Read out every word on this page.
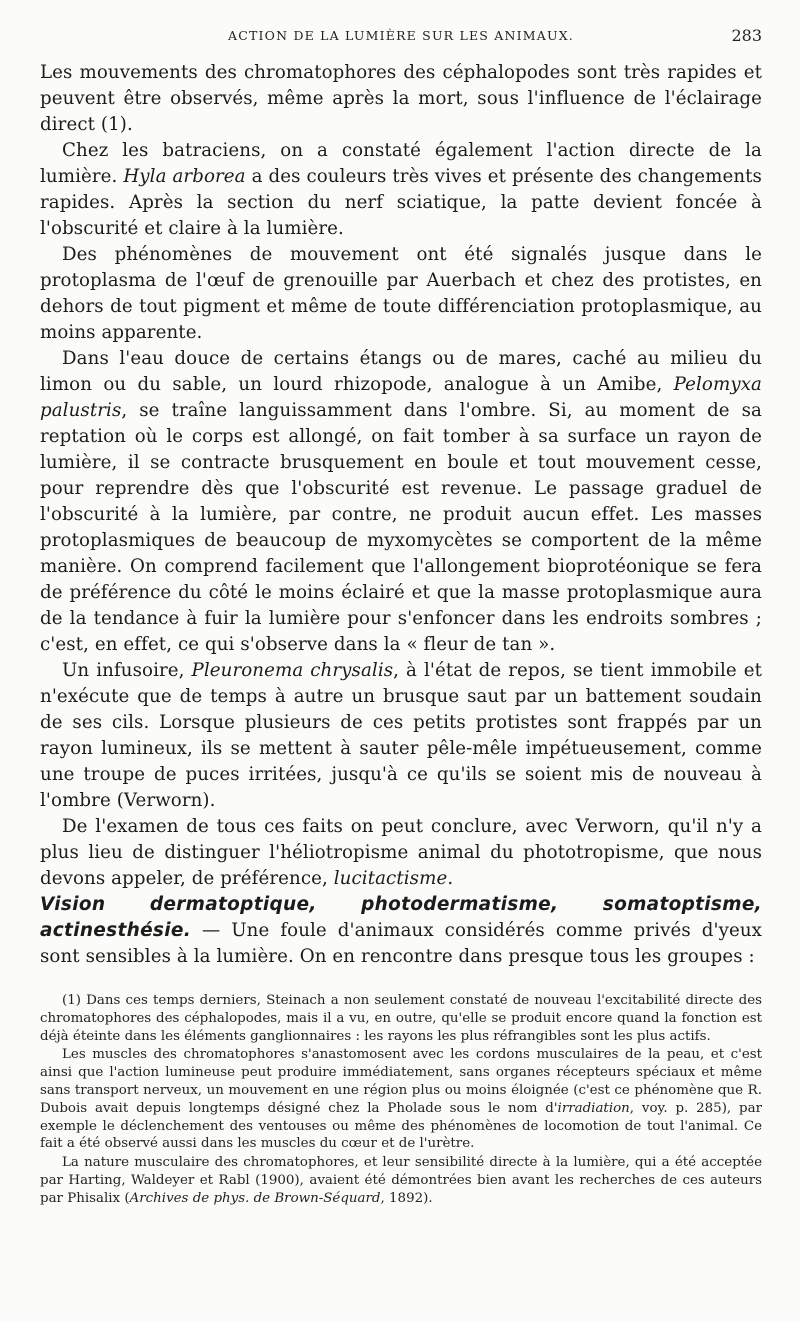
ACTION DE LA LUMIÈRE SUR LES ANIMAUX.	283

Les mouvements des chromatophores des céphalopodes sont très rapides et peuvent être observés, même après la mort, sous l'influence de l'éclairage direct (1).

Chez les batraciens, on a constaté également l'action directe de la lumière. Hyla arborea a des couleurs très vives et présente des changements rapides. Après la section du nerf sciatique, la patte devient foncée à l'obscurité et claire à la lumière.

Des phénomènes de mouvement ont été signalés jusque dans le protoplasma de l'œuf de grenouille par Auerbach et chez des protistes, en dehors de tout pigment et même de toute différenciation protoplasmique, au moins apparente.

Dans l'eau douce de certains étangs ou de mares, caché au milieu du limon ou du sable, un lourd rhizopode, analogue à un Amibe, Pelomyxa palustris, se traîne languissamment dans l'ombre. Si, au moment de sa reptation où le corps est allongé, on fait tomber à sa surface un rayon de lumière, il se contracte brusquement en boule et tout mouvement cesse, pour reprendre dès que l'obscurité est revenue. Le passage graduel de l'obscurité à la lumière, par contre, ne produit aucun effet. Les masses protoplasmiques de beaucoup de myxomycètes se comportent de la même manière. On comprend facilement que l'allongement bioprotéonique se fera de préférence du côté le moins éclairé et que la masse protoplasmique aura de la tendance à fuir la lumière pour s'enfoncer dans les endroits sombres ; c'est, en effet, ce qui s'observe dans la « fleur de tan ».

Un infusoire, Pleuronema chrysalis, à l'état de repos, se tient immobile et n'exécute que de temps à autre un brusque saut par un battement soudain de ses cils. Lorsque plusieurs de ces petits protistes sont frappés par un rayon lumineux, ils se mettent à sauter pêle-mêle impétueusement, comme une troupe de puces irritées, jusqu'à ce qu'ils se soient mis de nouveau à l'ombre (Verworn).

De l'examen de tous ces faits on peut conclure, avec Verworn, qu'il n'y a plus lieu de distinguer l'héliotropisme animal du phototropisme, que nous devons appeler, de préférence, lucitactisme.

Vision dermatoptique, photodermatisme, somatoptisme, actinesthésie. — Une foule d'animaux considérés comme privés d'yeux sont sensibles à la lumière. On en rencontre dans presque tous les groupes :

(1) Dans ces temps derniers, Steinach a non seulement constaté de nouveau l'excitabilité directe des chromatophores des céphalopodes, mais il a vu, en outre, qu'elle se produit encore quand la fonction est déjà éteinte dans les éléments ganglionnaires : les rayons les plus réfrangibles sont les plus actifs.

Les muscles des chromatophores s'anastomosent avec les cordons musculaires de la peau, et c'est ainsi que l'action lumineuse peut produire immédiatement, sans organes récepteurs spéciaux et même sans transport nerveux, un mouvement en une région plus ou moins éloignée (c'est ce phénomène que R. Dubois avait depuis longtemps désigné chez la Pholade sous le nom d'irradiation, voy. p. 285), par exemple le déclenchement des ventouses ou même des phénomènes de locomotion de tout l'animal. Ce fait a été observé aussi dans les muscles du cœur et de l'urètre.

La nature musculaire des chromatophores, et leur sensibilité directe à la lumière, qui a été acceptée par Harting, Waldeyer et Rabl (1900), avaient été démontrées bien avant les recherches de ces auteurs par Phisalix (Archives de phys. de Brown-Séquard, 1892).
